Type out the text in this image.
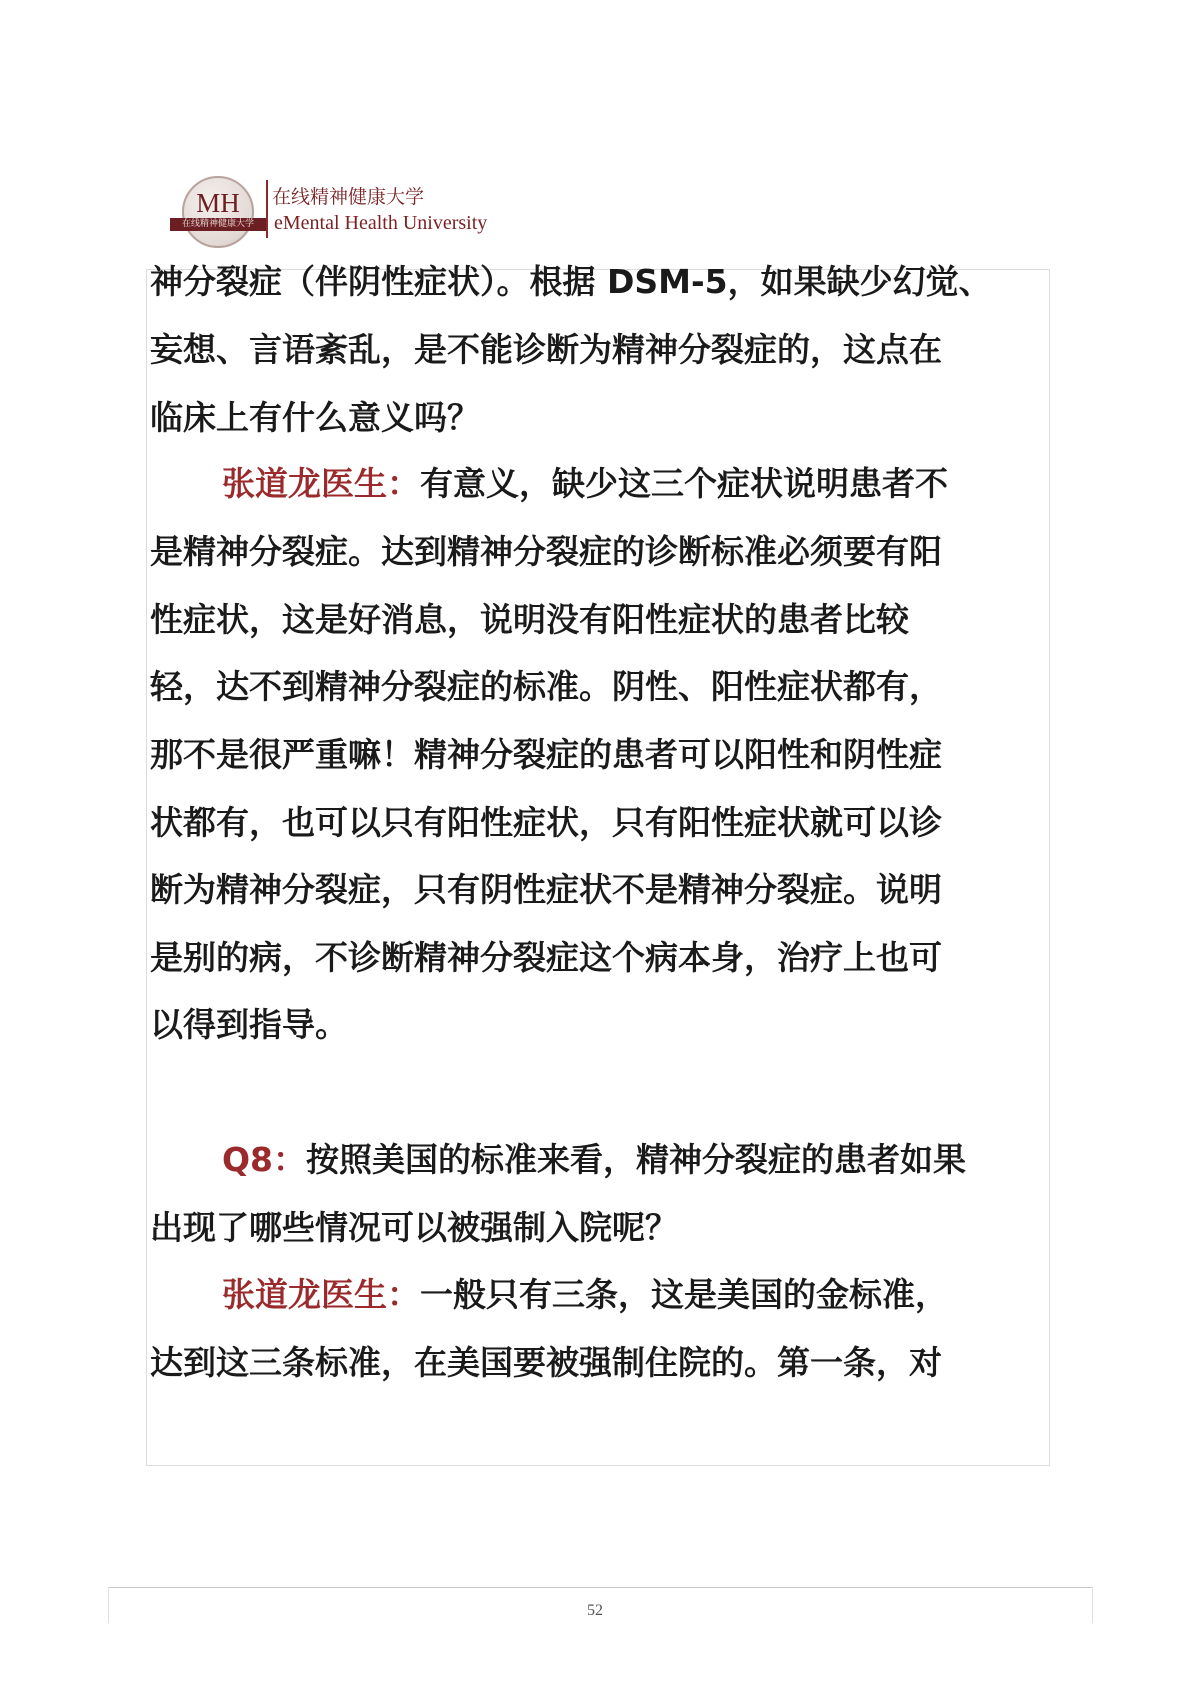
MH
在线精神健康大学
在线精神健康大学
eMental Health University
神分裂症（伴阴性症状）。根据 DSM-5，如果缺少幻觉、
妄想、言语紊乱，是不能诊断为精神分裂症的，这点在
临床上有什么意义吗？
张道龙医生：有意义，缺少这三个症状说明患者不
是精神分裂症。达到精神分裂症的诊断标准必须要有阳
性症状，这是好消息，说明没有阳性症状的患者比较
轻，达不到精神分裂症的标准。阴性、阳性症状都有，
那不是很严重嘛！精神分裂症的患者可以阳性和阴性症
状都有，也可以只有阳性症状，只有阳性症状就可以诊
断为精神分裂症，只有阴性症状不是精神分裂症。说明
是别的病，不诊断精神分裂症这个病本身，治疗上也可
以得到指导。
Q8：按照美国的标准来看，精神分裂症的患者如果
出现了哪些情况可以被强制入院呢？
张道龙医生：一般只有三条，这是美国的金标准，
达到这三条标准，在美国要被强制住院的。第一条，对
52
